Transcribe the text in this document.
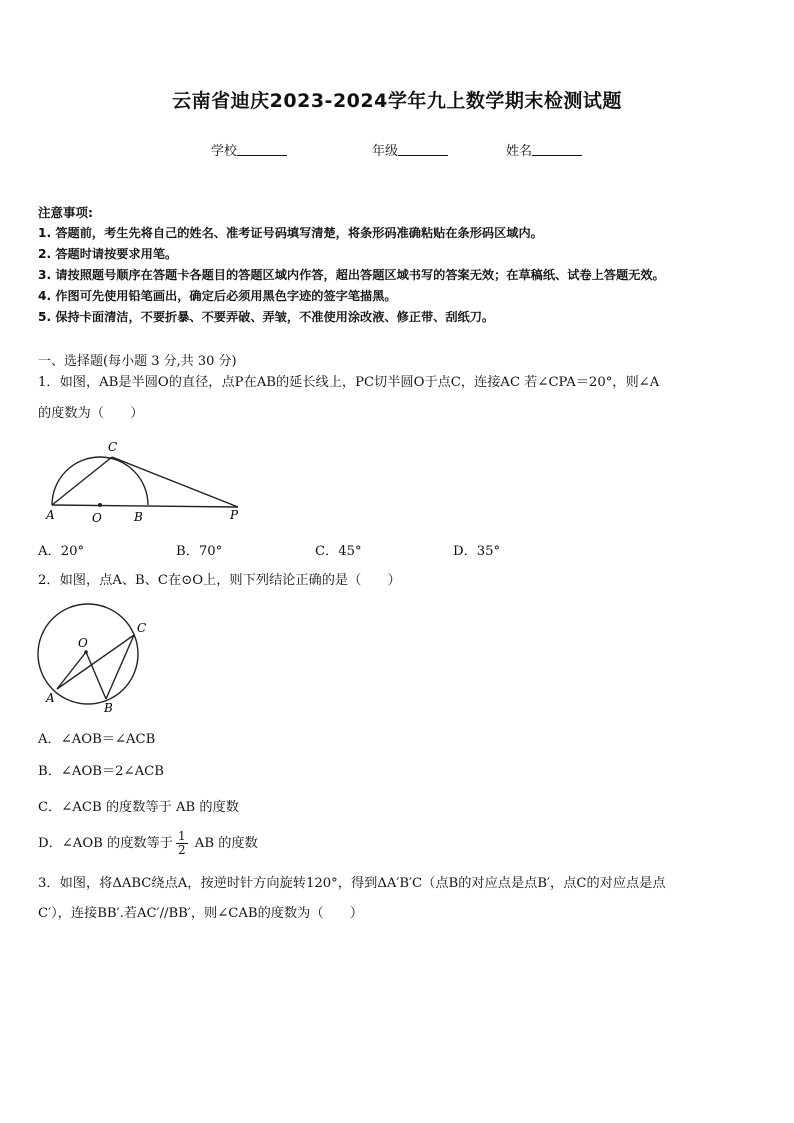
云南省迪庆2023-2024学年九上数学期末检测试题
学校	年级	姓名
注意事项:
1. 答题前，考生先将自己的姓名、准考证号码填写清楚，将条形码准确粘贴在条形码区域内。
2. 答题时请按要求用笔。
3. 请按照题号顺序在答题卡各题目的答题区域内作答，超出答题区域书写的答案无效；在草稿纸、试卷上答题无效。
4. 作图可先使用铅笔画出，确定后必须用黑色字迹的签字笔描黑。
5. 保持卡面清洁，不要折暴、不要弄破、弄皱，不准使用涂改液、修正带、刮纸刀。
一、选择题(每小题 3 分,共 30 分)
1．如图，AB是半圆O的直径，点P在AB的延长线上，PC切半圆O于点C，连接AC 若∠CPA＝20°，则∠A
的度数为（　　）
A	O	B	P
C
A．20°	B．70°	C．45°	D．35°
2．如图，点A、B、C在⊙O上，则下列结论正确的是（　　）
O
A
B
C
A．∠AOB＝∠ACB
B．∠AOB＝2∠ACB
C．∠ACB 的度数等于 AB 的度数
D．∠AOB 的度数等于 $\frac{1}{2}$ AB 的度数
3．如图，将ΔABC绕点A，按逆时针方向旋转120°，得到ΔA′B′C（点B的对应点是点B′，点C的对应点是点
C′），连接BB′.若AC′//BB′，则∠CAB的度数为（　　）
